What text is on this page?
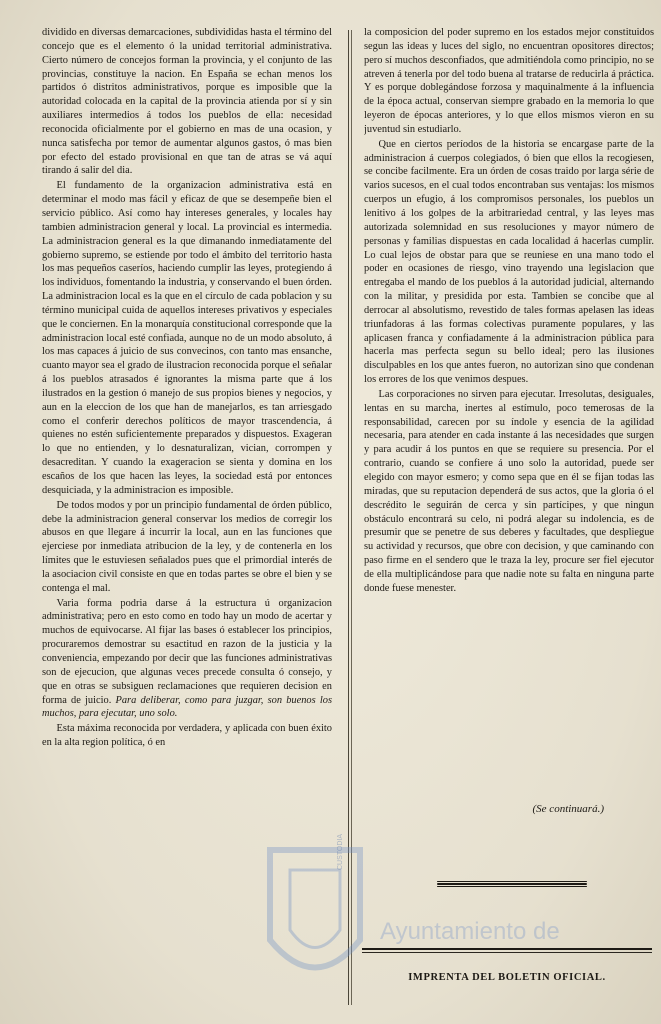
dividido en diversas demarcaciones, subdivididas hasta el término del concejo que es el elemento ó la unidad territorial administrativa. Cierto número de concejos forman la provincia, y el conjunto de las provincias, constituye la nacion. En España se echan menos los partidos ó distritos administrativos, porque es imposible que la autoridad colocada en la capital de la provincia atienda por sí y sin auxiliares intermedios á todos los pueblos de ella: necesidad reconocida oficialmente por el gobierno en mas de una ocasion, y nunca satisfecha por temor de aumentar algunos gastos, ó mas bien por efecto del estado provisional en que tan de atras se vá aquí tirando á salir del dia.

El fundamento de la organizacion administrativa está en determinar el modo mas fácil y eficaz de que se desempeñe bien el servicio público. Así como hay intereses generales, y locales hay tambien administracion general y local. La provincial es intermedia. La administracion general es la que dimanando inmediatamente del gobierno supremo, se estiende por todo el ámbito del territorio hasta los mas pequeños caseríos, haciendo cumplir las leyes, protegiendo á los individuos, fomentando la industria, y conservando el buen órden. La administracion local es la que en el círculo de cada poblacion y su término municipal cuida de aquellos intereses privativos y especiales que le conciernen. En la monarquía constitucional corresponde que la administracion local esté confiada, aunque no de un modo absoluto, á los mas capaces á juicio de sus convecinos, con tanto mas ensanche, cuanto mayor sea el grado de ilustracion reconocida porque el señalar á los pueblos atrasados é ignorantes la misma parte que á los ilustrados en la gestion ó manejo de sus propios bienes y negocios, y aun en la eleccion de los que han de manejarlos, es tan arriesgado como el conferir derechos políticos de mayor trascendencia, á quienes no estén suficientemente preparados y dispuestos. Exageran lo que no entienden, y lo desnaturalizan, vician, corrompen y desacreditan. Y cuando la exageracion se sienta y domina en los escaños de los que hacen las leyes, la sociedad está por entonces desquiciada, y la administracion es imposible.

De todos modos y por un principio fundamental de órden público, debe la administracion general conservar los medios de corregir los abusos en que llegare á incurrir la local, aun en las funciones que ejerciese por inmediata atribucion de la ley, y de contenerla en los límites que le estuviesen señalados pues que el primordial interés de la asociacion civil consiste en que en todas partes se obre el bien y se contenga el mal.

Varia forma podria darse á la estructura ú organizacion administrativa; pero en esto como en todo hay un modo de acertar y muchos de equivocarse. Al fijar las bases ó establecer los principios, procuraremos demostrar su esactitud en razon de la justicia y la conveniencia, empezando por decir que las funciones administrativas son de ejecucion, que algunas veces precede consulta ó consejo, y que en otras se subsiguen reclamaciones que requieren decision en forma de juicio. Para deliberar, como para juzgar, son buenos los muchos, para ejecutar, uno solo.

Esta máxima reconocida por verdadera, y aplicada con buen éxito en la alta region política, ó en

la composicion del poder supremo en los estados mejor constituidos segun las ideas y luces del siglo, no encuentran opositores directos; pero sí muchos desconfiados, que admitiéndola como principio, no se atreven á tenerla por del todo buena al tratarse de reducirla á práctica. Y es porque doblegándose forzosa y maquinalmente á la influencia de la época actual, conservan siempre grabado en la memoria lo que leyeron de épocas anteriores, y lo que ellos mismos vieron en su juventud sin estudiarlo.

Que en ciertos períodos de la historia se encargase parte de la administracion á cuerpos colegiados, ó bien que ellos la recogiesen, se concibe facilmente. Era un órden de cosas traido por larga série de varios sucesos, en el cual todos encontraban sus ventajas: los mismos cuerpos un efugio, á los compromisos personales, los pueblos un lenitivo á los golpes de la arbitrariedad central, y las leyes mas autorizada solemnidad en sus resoluciones y mayor número de personas y familias dispuestas en cada localidad á hacerlas cumplir. Lo cual lejos de obstar para que se reuniese en una mano todo el poder en ocasiones de riesgo, vino trayendo una legislacion que entregaba el mando de los pueblos á la autoridad judicial, alternando con la militar, y presidida por esta. Tambien se concibe que al derrocar al absolutismo, revestido de tales formas apelasen las ideas triunfadoras á las formas colectivas puramente populares, y las aplicasen franca y confiadamente á la administracion pública para hacerla mas perfecta segun su bello ideal; pero las ilusiones disculpables en los que antes fueron, no autorizan sino que condenan los errores de los que venimos despues.

Las corporaciones no sirven para ejecutar. Irresolutas, desiguales, lentas en su marcha, inertes al estímulo, poco temerosas de la responsabilidad, carecen por su índole y esencia de la agilidad necesaria, para atender en cada instante á las necesidades que surgen y para acudir á los puntos en que se requiere su presencia. Por el contrario, cuando se confiere á uno solo la autoridad, puede ser elegido con mayor esmero; y como sepa que en él se fijan todas las miradas, que su reputacion dependerá de sus actos, que la gloria ó el descrédito le seguirán de cerca y sin partícipes, y que ningun obstáculo encontrará su celo, ni podrá alegar su indolencia, es de presumir que se penetre de sus deberes y facultades, que despliegue su actividad y recursos, que obre con decision, y que caminando con paso firme en el sendero que le traza la ley, procure ser fiel ejecutor de ella multiplicándose para que nadie note su falta en ninguna parte donde fuese menester.

(Se continuará.)
Ayuntamiento de
CUSTODIA
IMPRENTA DEL BOLETIN OFICIAL.
